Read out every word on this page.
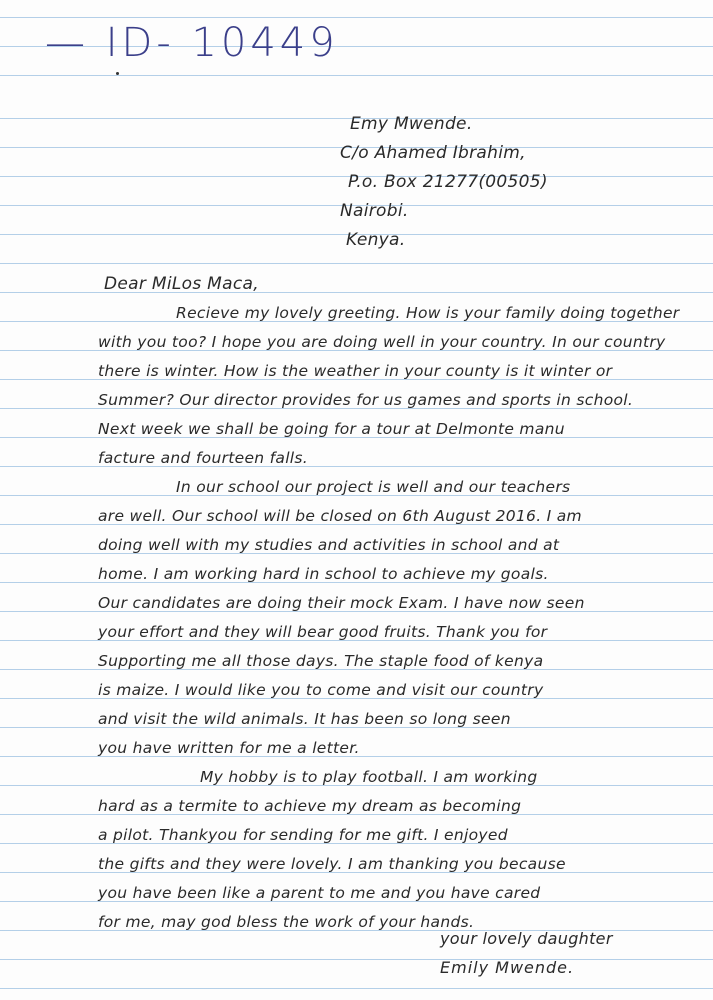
— ID- 10449
Emy Mwende.
C/o Ahamed Ibrahim,
P.o. Box 21277(00505)
Nairobi.
Kenya.
Dear MiLos Maca,
Recieve my lovely greeting. How is your family doing together
with you too? I hope you are doing well in your country. In our country
there is winter. How is the weather in your county is it winter or
Summer? Our director provides for us games and sports in school.
Next week we shall be going for a tour at Delmonte manu
facture and fourteen falls.
In our school our project is well and our teachers
are well. Our school will be closed on 6th August 2016. I am
doing well with my studies and activities in school and at
home. I am working hard in school to achieve my goals.
Our candidates are doing their mock Exam. I have now seen
your effort and they will bear good fruits. Thank you for
Supporting me all those days. The staple food of kenya
is maize. I would like you to come and visit our country
and visit the wild animals. It has been so long seen
you have written for me a letter.
My hobby is to play football. I am working
hard as a termite to achieve my dream as becoming
a pilot. Thankyou for sending for me gift. I enjoyed
the gifts and they were lovely. I am thanking you because
you have been like a parent to me and you have cared
for me, may god bless the work of your hands.
your lovely daughter
Emily Mwende.
